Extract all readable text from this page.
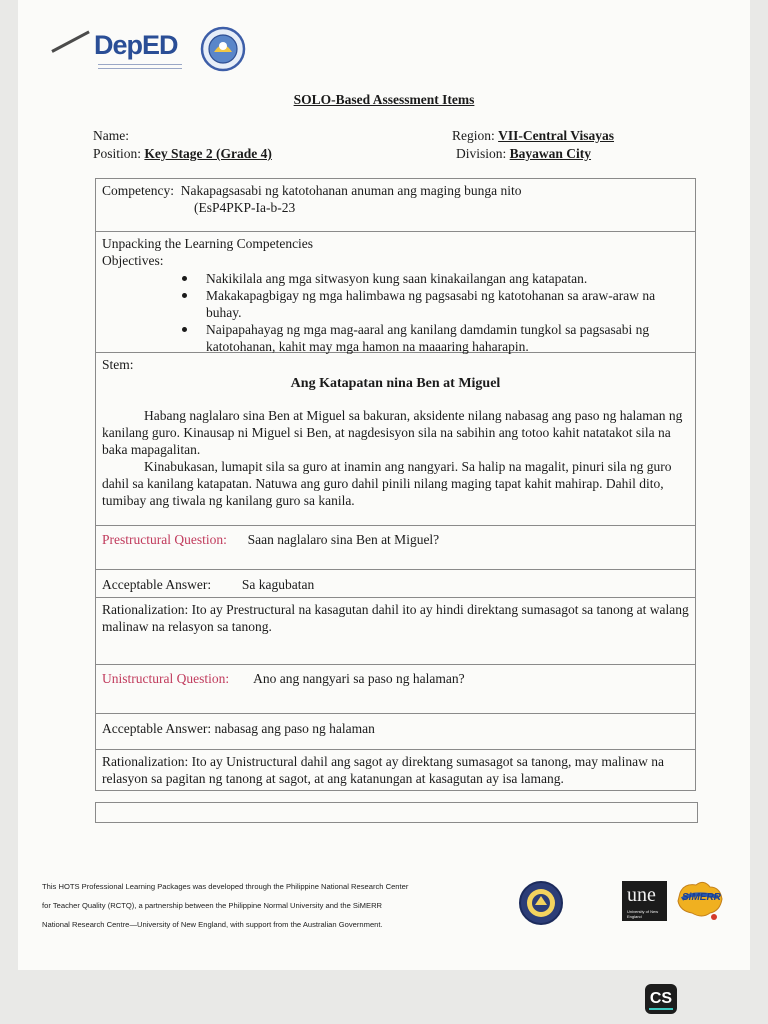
DepED
SOLO-Based Assessment Items
Name:
Position: Key Stage 2 (Grade 4)
Region: VII-Central Visayas
Division: Bayawan City
Competency: Nakapagsasabi ng katotohanan anuman ang maging bunga nito
(EsP4PKP-Ia-b-23
Unpacking the Learning Competencies
Objectives:
Nakikilala ang mga sitwasyon kung saan kinakailangan ang katapatan.
Makakapagbigay ng mga halimbawa ng pagsasabi ng katotohanan sa araw-araw na buhay.
Naipapahayag ng mga mag-aaral ang kanilang damdamin tungkol sa pagsasabi ng katotohanan, kahit may mga hamon na maaaring haharapin.
Stem:
Ang Katapatan nina Ben at Miguel

Habang naglalaro sina Ben at Miguel sa bakuran, aksidente nilang nabasag ang paso ng halaman ng kanilang guro. Kinausap ni Miguel si Ben, at nagdesisyon sila na sabihin ang totoo kahit natatakot sila na baka mapagalitan.

Kinabukasan, lumapit sila sa guro at inamin ang nangyari. Sa halip na magalit, pinuri sila ng guro dahil sa kanilang katapatan. Natuwa ang guro dahil pinili nilang maging tapat kahit mahirap. Dahil dito, tumibay ang tiwala ng kanilang guro sa kanila.

Prestructural Question: Saan naglalaro sina Ben at Miguel?
Acceptable Answer: Sa kagubatan
Rationalization: Ito ay Prestructural na kasagutan dahil ito ay hindi direktang sumasagot sa tanong at walang malinaw na relasyon sa tanong.
Unistructural Question: Ano ang nangyari sa paso ng halaman?
Acceptable Answer: nabasag ang paso ng halaman
Rationalization: Ito ay Unistructural dahil ang sagot ay direktang sumasagot sa tanong, may malinaw na relasyon sa pagitan ng tanong at sagot, at ang katanungan at kasagutan ay isa lamang.
This HOTS Professional Learning Packages was developed through the Philippine National Research Center
for Teacher Quality (RCTQ), a partnership between the Philippine Normal University and the SiMERR
National Research Centre—University of New England, with support from the Australian Government.
une
University of New England
SiMERR
CS
